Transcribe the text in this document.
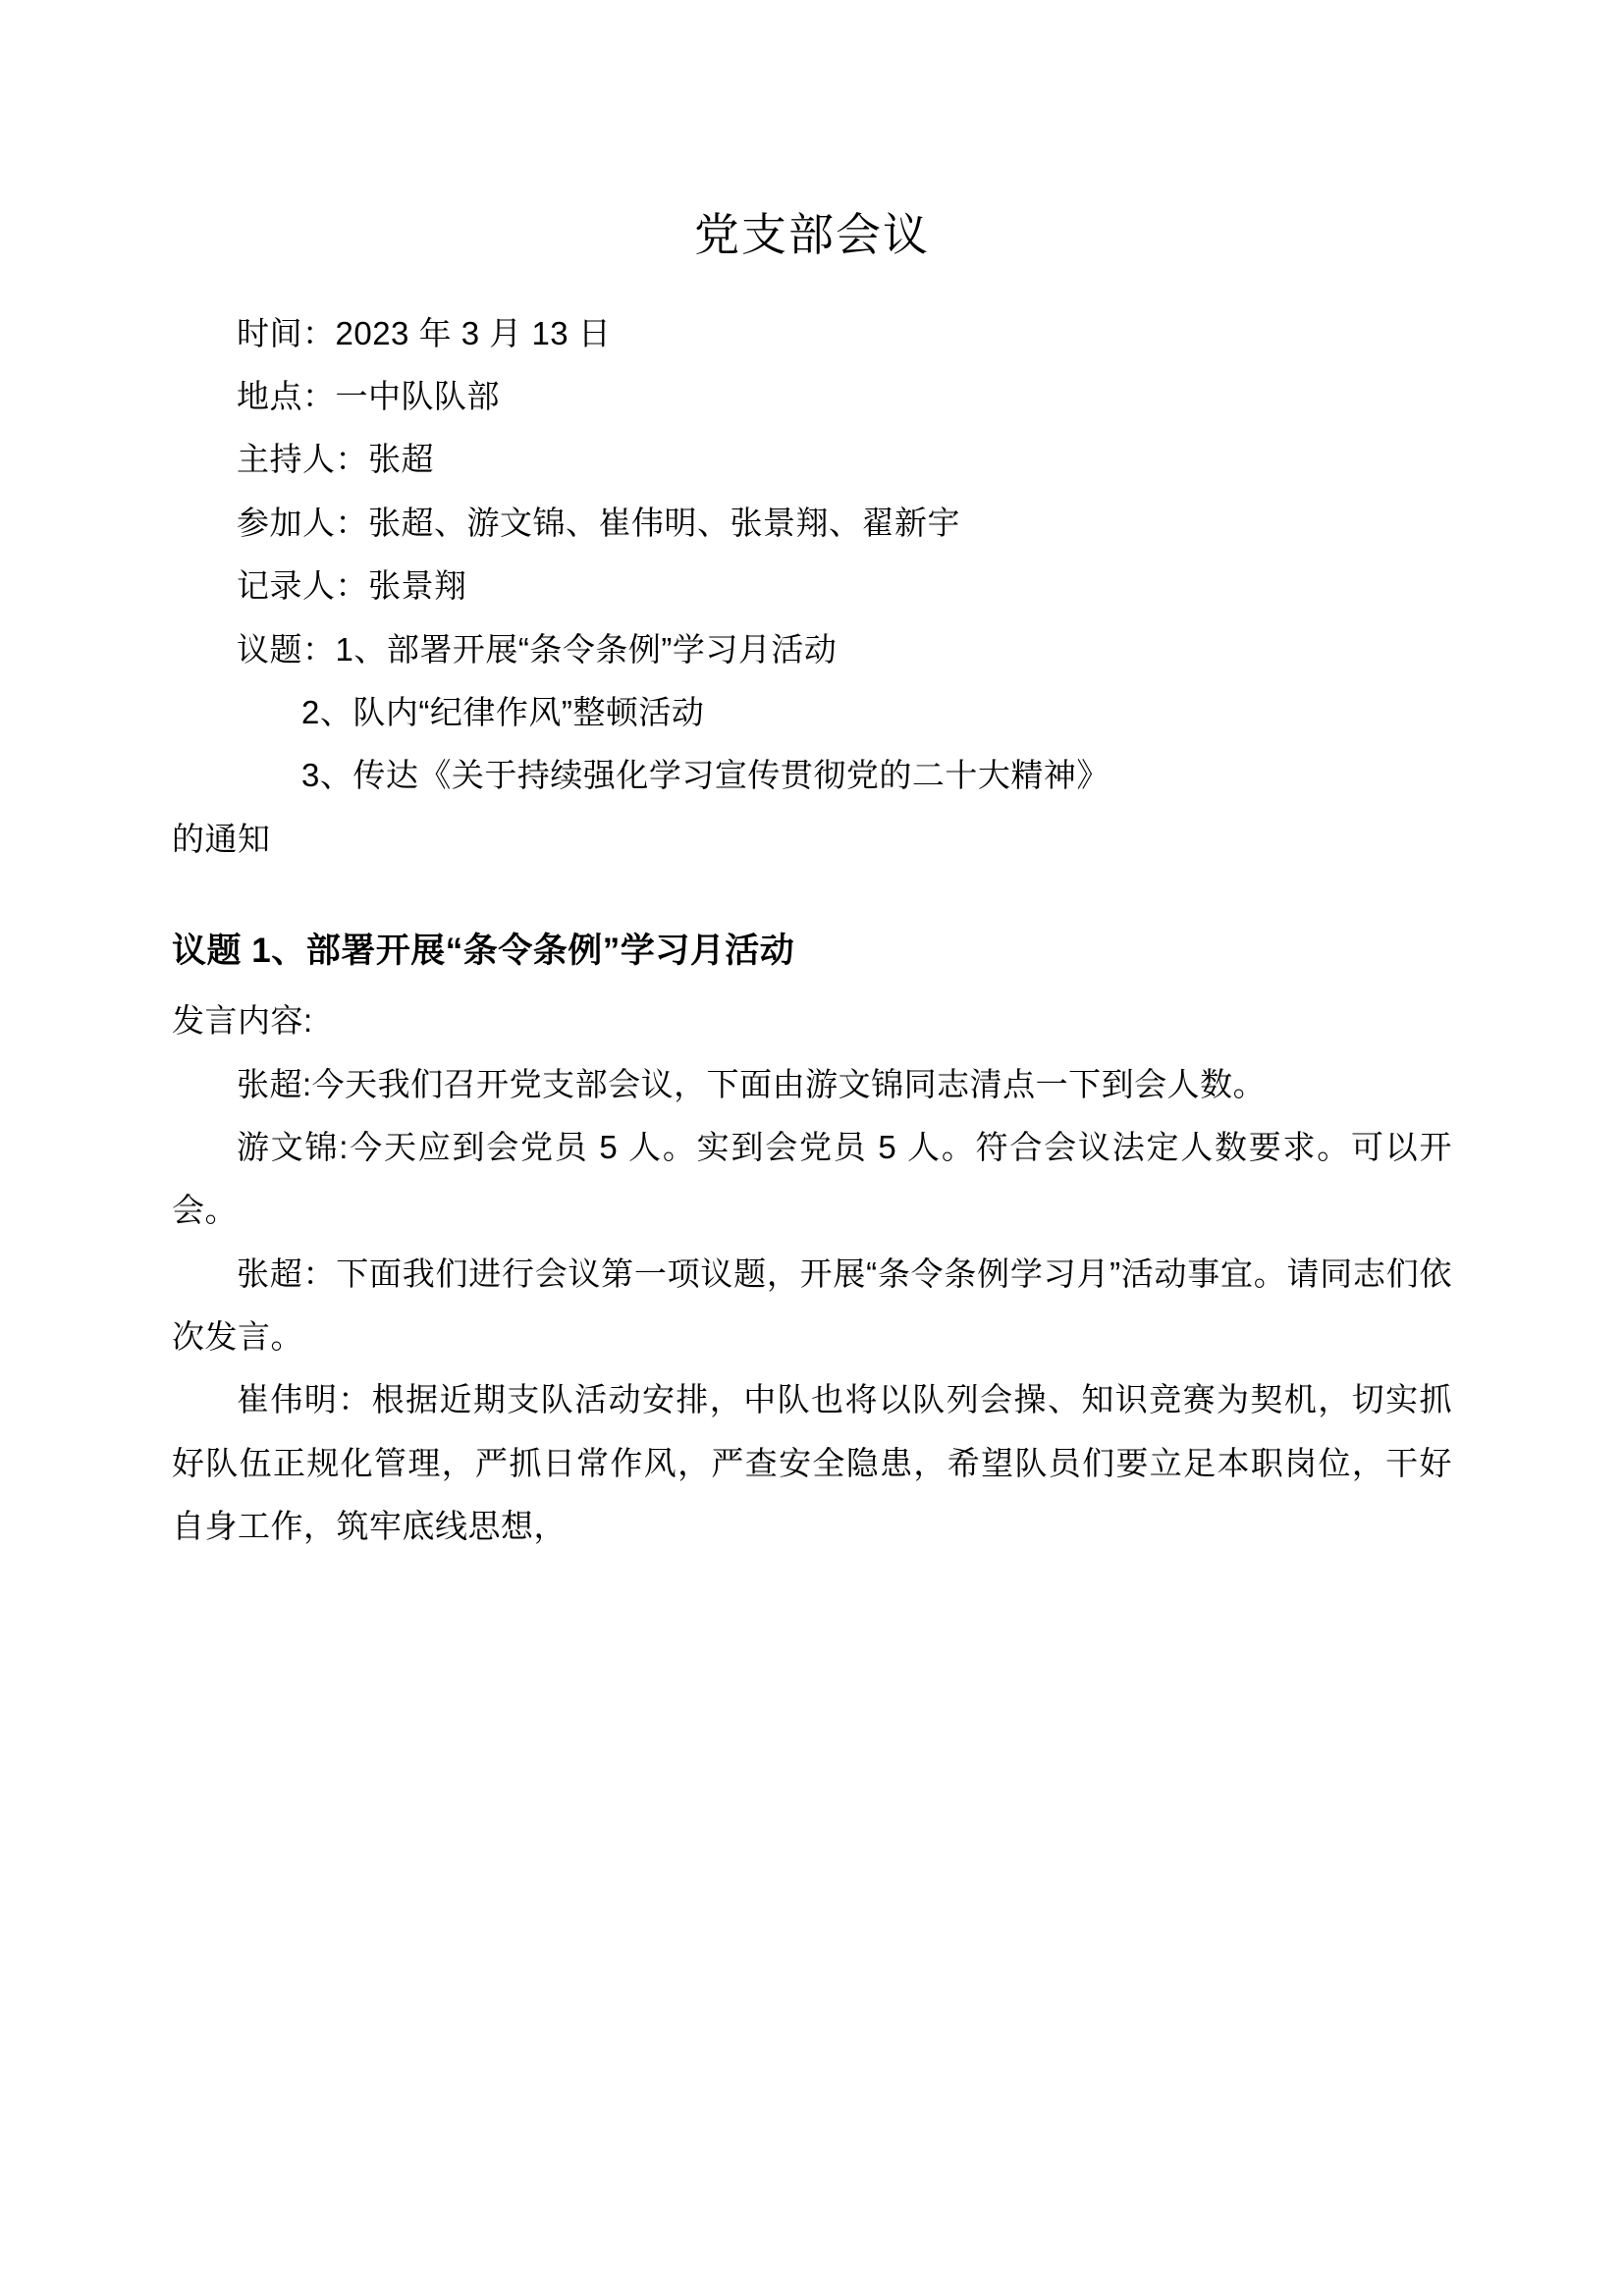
党支部会议

时间：2023 年 3 月 13 日

地点：一中队队部

主持人：张超

参加人：张超、游文锦、崔伟明、张景翔、翟新宇

记录人：张景翔

议题：1、部署开展“条令条例”学习月活动

2、队内“纪律作风”整顿活动

3、传达《关于持续强化学习宣传贯彻党的二十大精神》

的通知

议题 1、部署开展“条令条例”学习月活动

发言内容:

张超:今天我们召开党支部会议，下面由游文锦同志清点一下到会人数。

游文锦:今天应到会党员 5 人。实到会党员 5 人。符合会议法定人数要求。可以开会。

张超：下面我们进行会议第一项议题，开展“条令条例学习月”活动事宜。请同志们依次发言。

崔伟明：根据近期支队活动安排，中队也将以队列会操、知识竞赛为契机，切实抓好队伍正规化管理，严抓日常作风，严查安全隐患，希望队员们要立足本职岗位，干好自身工作，筑牢底线思想，
